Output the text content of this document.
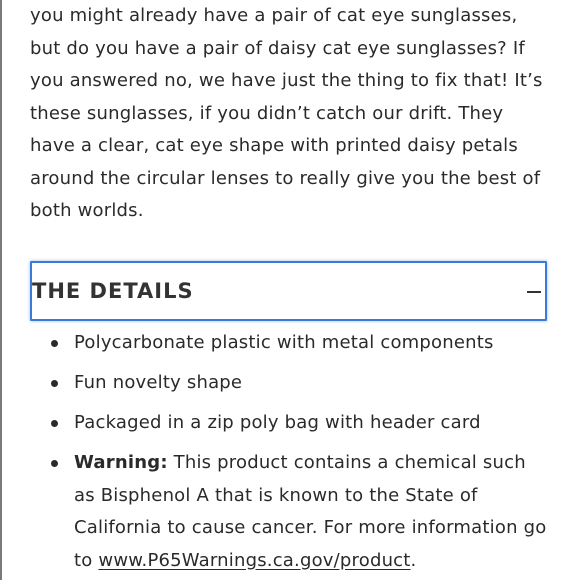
you might already have a pair of cat eye sunglasses,
but do you have a pair of daisy cat eye sunglasses? If
you answered no, we have just the thing to fix that! It’s
these sunglasses, if you didn’t catch our drift. They
have a clear, cat eye shape with printed daisy petals
around the circular lenses to really give you the best of
both worlds.

THE DETAILS
Polycarbonate plastic with metal components
Fun novelty shape
Packaged in a zip poly bag with header card
Warning: This product contains a chemical such as Bisphenol A that is known to the State of California to cause cancer. For more information go to www.P65Warnings.ca.gov/product.
